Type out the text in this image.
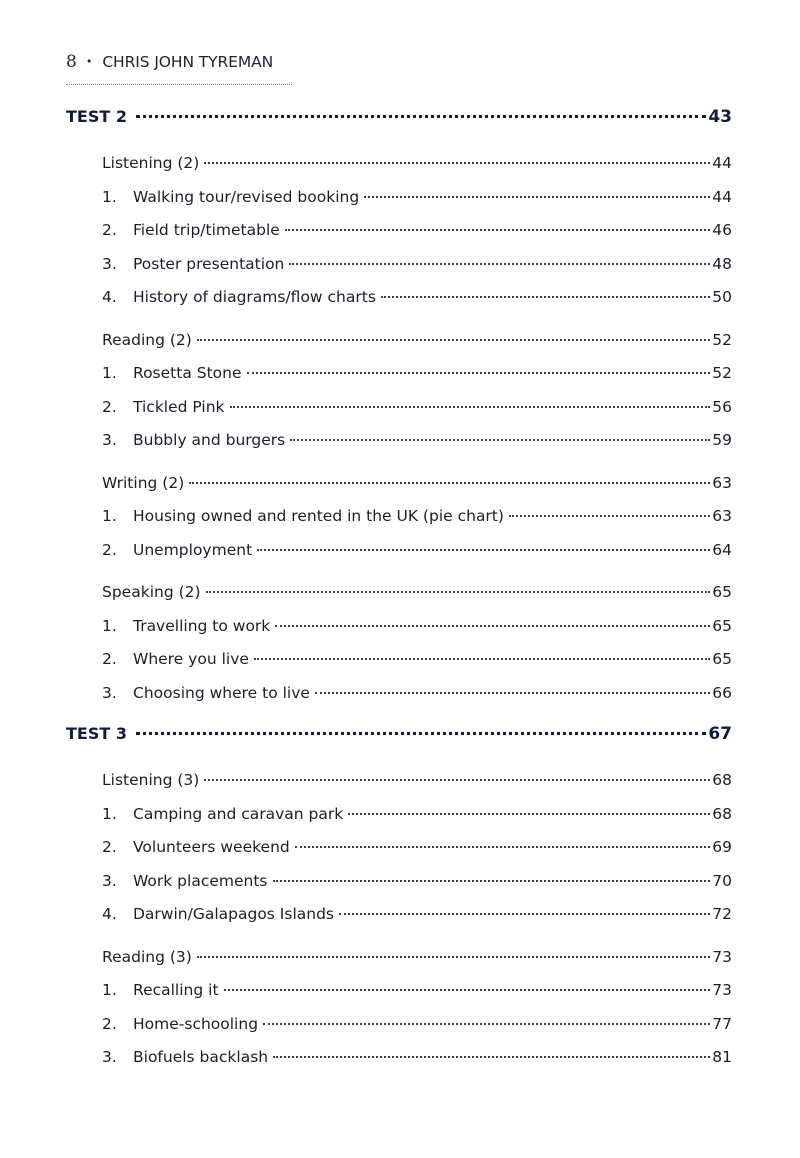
8 • CHRIS JOHN TYREMAN
TEST 2	43
Listening (2)	44
1.	Walking tour/revised booking	44
2.	Field trip/timetable	46
3.	Poster presentation	48
4.	History of diagrams/flow charts	50
Reading (2)	52
1.	Rosetta Stone	52
2.	Tickled Pink	56
3.	Bubbly and burgers	59
Writing (2)	63
1.	Housing owned and rented in the UK (pie chart)	63
2.	Unemployment	64
Speaking (2)	65
1.	Travelling to work	65
2.	Where you live	65
3.	Choosing where to live	66
TEST 3	67
Listening (3)	68
1.	Camping and caravan park	68
2.	Volunteers weekend	69
3.	Work placements	70
4.	Darwin/Galapagos Islands	72
Reading (3)	73
1.	Recalling it	73
2.	Home-schooling	77
3.	Biofuels backlash	81
